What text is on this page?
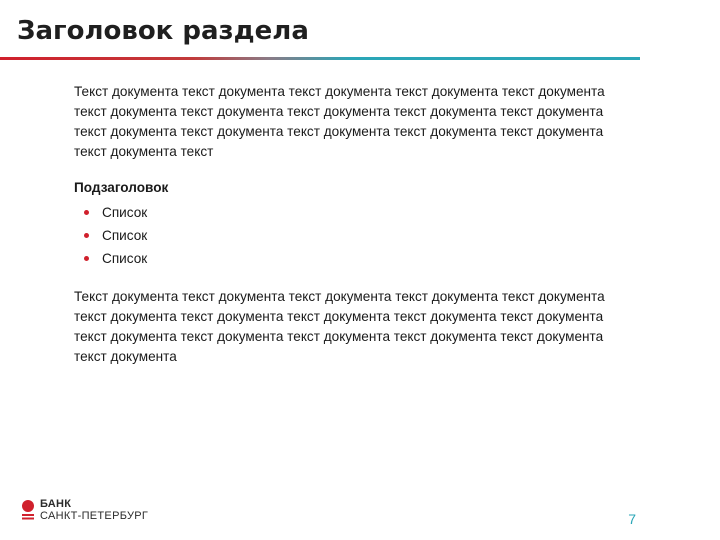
Заголовок раздела

Текст документа текст документа текст документа текст документа текст документа текст документа текст документа текст документа текст документа текст документа текст документа текст документа текст документа текст документа текст документа текст документа текст

Подзаголовок

Список
Список
Список

Текст документа текст документа текст документа текст документа текст документа текст документа текст документа текст документа текст документа текст документа текст документа текст документа текст документа текст документа текст документа текст документа

БАНК
САНКТ-ПЕТЕРБУРГ	7
